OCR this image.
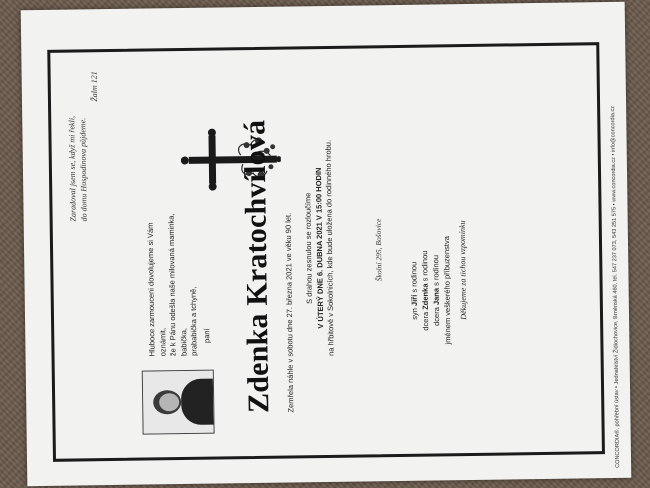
Zaradoval jsem se, když mi řekli, do domu Hospodinova půjdeme.
Žalm 121
Hlubоce zarmouceni dovolujeme si Vám oznámit, že k Pánu odešla naše milovaná maminka, babička, prababička a tchyně, paní Zdenka Kratochvílová Zemřela náhle v sobotu dne 27. března 2021 ve věku 90 let. S drahou zesnulou se rozloučíme V ÚTERÝ DNE 6. DUBNA 2021 V 15:00 HODIN
na hřbitově v Sokolnicích, kde bude uložena do rodinného hrobu.	Školní 295, Bošovice
syn Jiří s rodinou
dcera Zdenka s rodinou
dcera Jana s rodinou jménem veškerého příbuzenstva Děkujeme za tichou vzpomínku	CONCORDIA®, pohřební ústav • Jednatelství Židlochovice, Brněnská 460, tel. 547 237 073, 543 251 575 • www.concordia.cz • info@concordia.cz
